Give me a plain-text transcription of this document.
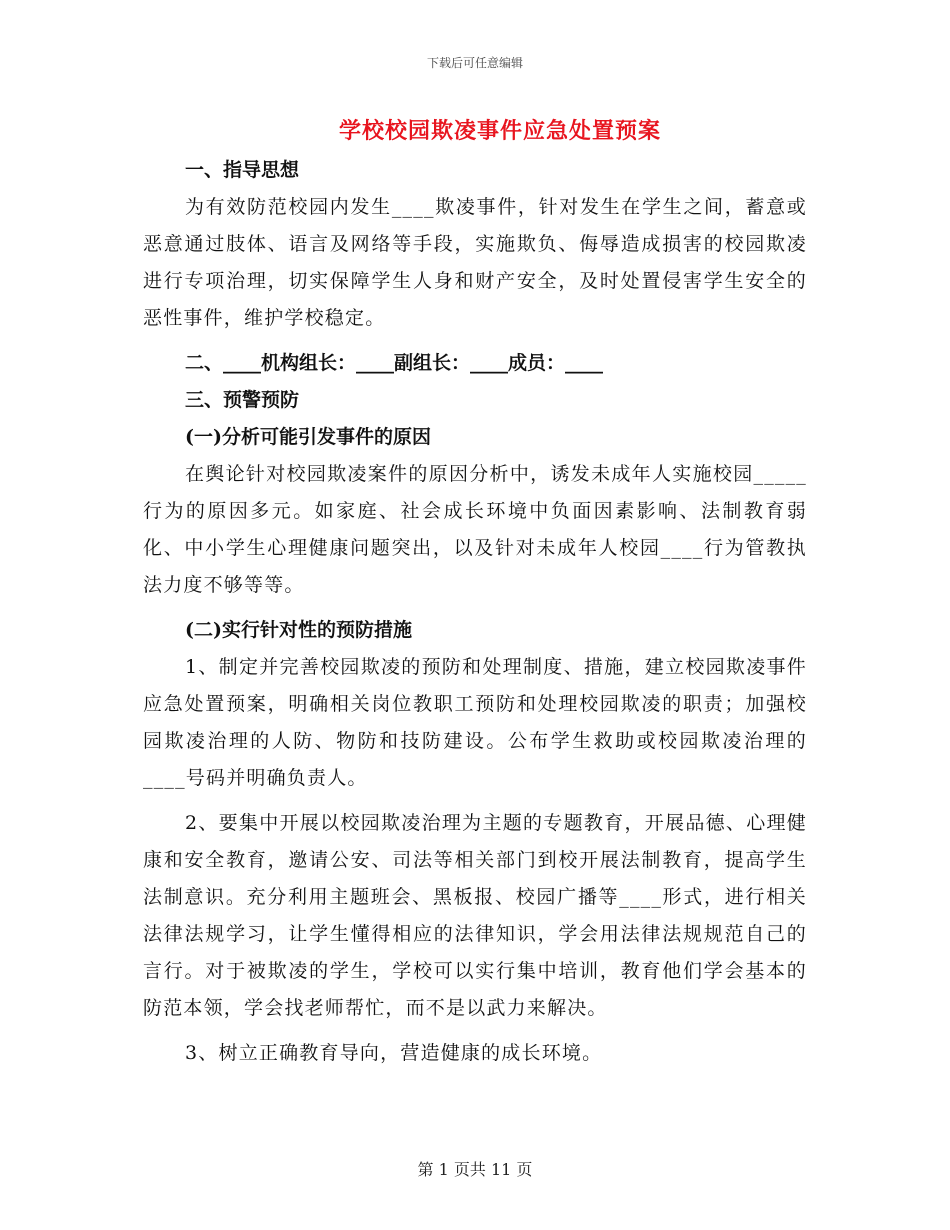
下载后可任意编辑
学校校园欺凌事件应急处置预案
一、指导思想
为有效防范校园内发生____欺凌事件，针对发生在学生之间，蓄意或恶意通过肢体、语言及网络等手段，实施欺负、侮辱造成损害的校园欺凌进行专项治理，切实保障学生人身和财产安全，及时处置侵害学生安全的恶性事件，维护学校稳定。
二、____机构组长：____副组长：____成员：____
三、预警预防
(一)分析可能引发事件的原因
在舆论针对校园欺凌案件的原因分析中，诱发未成年人实施校园_____行为的原因多元。如家庭、社会成长环境中负面因素影响、法制教育弱化、中小学生心理健康问题突出，以及针对未成年人校园____行为管教执法力度不够等等。
(二)实行针对性的预防措施
1、制定并完善校园欺凌的预防和处理制度、措施，建立校园欺凌事件应急处置预案，明确相关岗位教职工预防和处理校园欺凌的职责；加强校园欺凌治理的人防、物防和技防建设。公布学生救助或校园欺凌治理的____号码并明确负责人。
2、要集中开展以校园欺凌治理为主题的专题教育，开展品德、心理健康和安全教育，邀请公安、司法等相关部门到校开展法制教育，提高学生法制意识。充分利用主题班会、黑板报、校园广播等____形式，进行相关法律法规学习，让学生懂得相应的法律知识，学会用法律法规规范自己的言行。对于被欺凌的学生，学校可以实行集中培训，教育他们学会基本的防范本领，学会找老师帮忙，而不是以武力来解决。
3、树立正确教育导向，营造健康的成长环境。
第 1 页共 11 页
